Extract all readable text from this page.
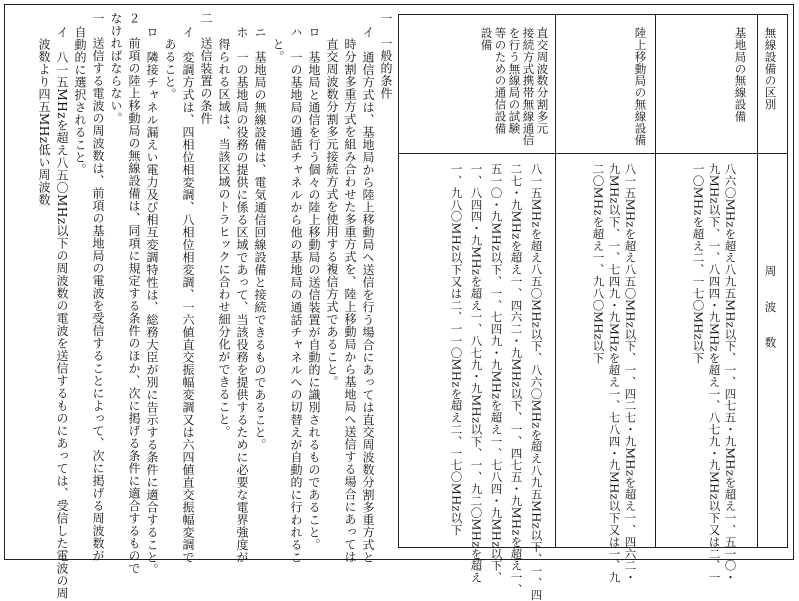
無線設備の区別
周　　波　　数
基地局の無線設備
八六〇MHzを超え八九五MHz以下、一、四七五・九MHzを超え一、五一〇・
九MHz以下、一、八四四・九MHzを超え一、八七九・九MHz以下又は二、一
一〇MHzを超え二、一七〇MHz以下
陸上移動局の無線設備
八一五MHzを超え八五〇MHz以下、一、四二七・九MHzを超え一、四六二・
九MHz以下、一、七四九・九MHzを超え一、七八四・九MHz以下又は一、九
二〇MHzを超え一、九八〇MHz以下
直交周波数分割多元
接続方式携帯無線通信
を行う無線局の試験
等のための通信設備
設備
八一五MHzを超え八五〇MHz以下、八六〇MHzを超え八九五MHz以下、一、四
二七・九MHzを超え一、四六二・九MHz以下、一、四七五・九MHzを超え一、
五一〇・九MHz以下、一、七四九・九MHzを超え一、七八四・九MHz以下、
一、八四四・九MHzを超え一、八七九・九MHz以下、一、九二〇MHzを超え
一、九八〇MHz以下又は二、一一〇MHzを超え二、一七〇MHz以下
一　一般的条件
イ　通信方式は、基地局から陸上移動局へ送信を行う場合にあっては直交周波数分割多重方式と
時分割多重方式を組み合わせた多重方式を、陸上移動局から基地局へ送信する場合にあっては
直交周波数分割多元接続方式を使用する複信方式であること。
ロ　基地局と通信を行う個々の陸上移動局の送信装置が自動的に識別されるものであること。
ハ　一の基地局の通話チャネルから他の基地局の通話チャネルへの切替えが自動的に行われるこ
と。
ニ　基地局の無線設備は、電気通信回線設備と接続できるものであること。
ホ　一の基地局の役務の提供に係る区域であって、当該役務を提供するために必要な電界強度が
得られる区域は、当該区域のトラヒックに合わせ細分化ができること。
二　送信装置の条件
イ　変調方式は、四相位相変調、八相位相変調、一六値直交振幅変調又は六四値直交振幅変調で
あること。
ロ　隣接チャネル漏えい電力及び相互変調特性は、総務大臣が別に告示する条件に適合すること。
２　前項の陸上移動局の無線設備は、同項に規定する条件のほか、次に掲げる条件に適合するもので
なければならない。
一　送信する電波の周波数は、前項の基地局の電波を受信することによって、次に掲げる周波数が
自動的に選択されること。
イ　八一五MHzを超え八五〇MHz以下の周波数の電波を送信するものにあっては、受信した電波の周
波数より四五MHz低い周波数
